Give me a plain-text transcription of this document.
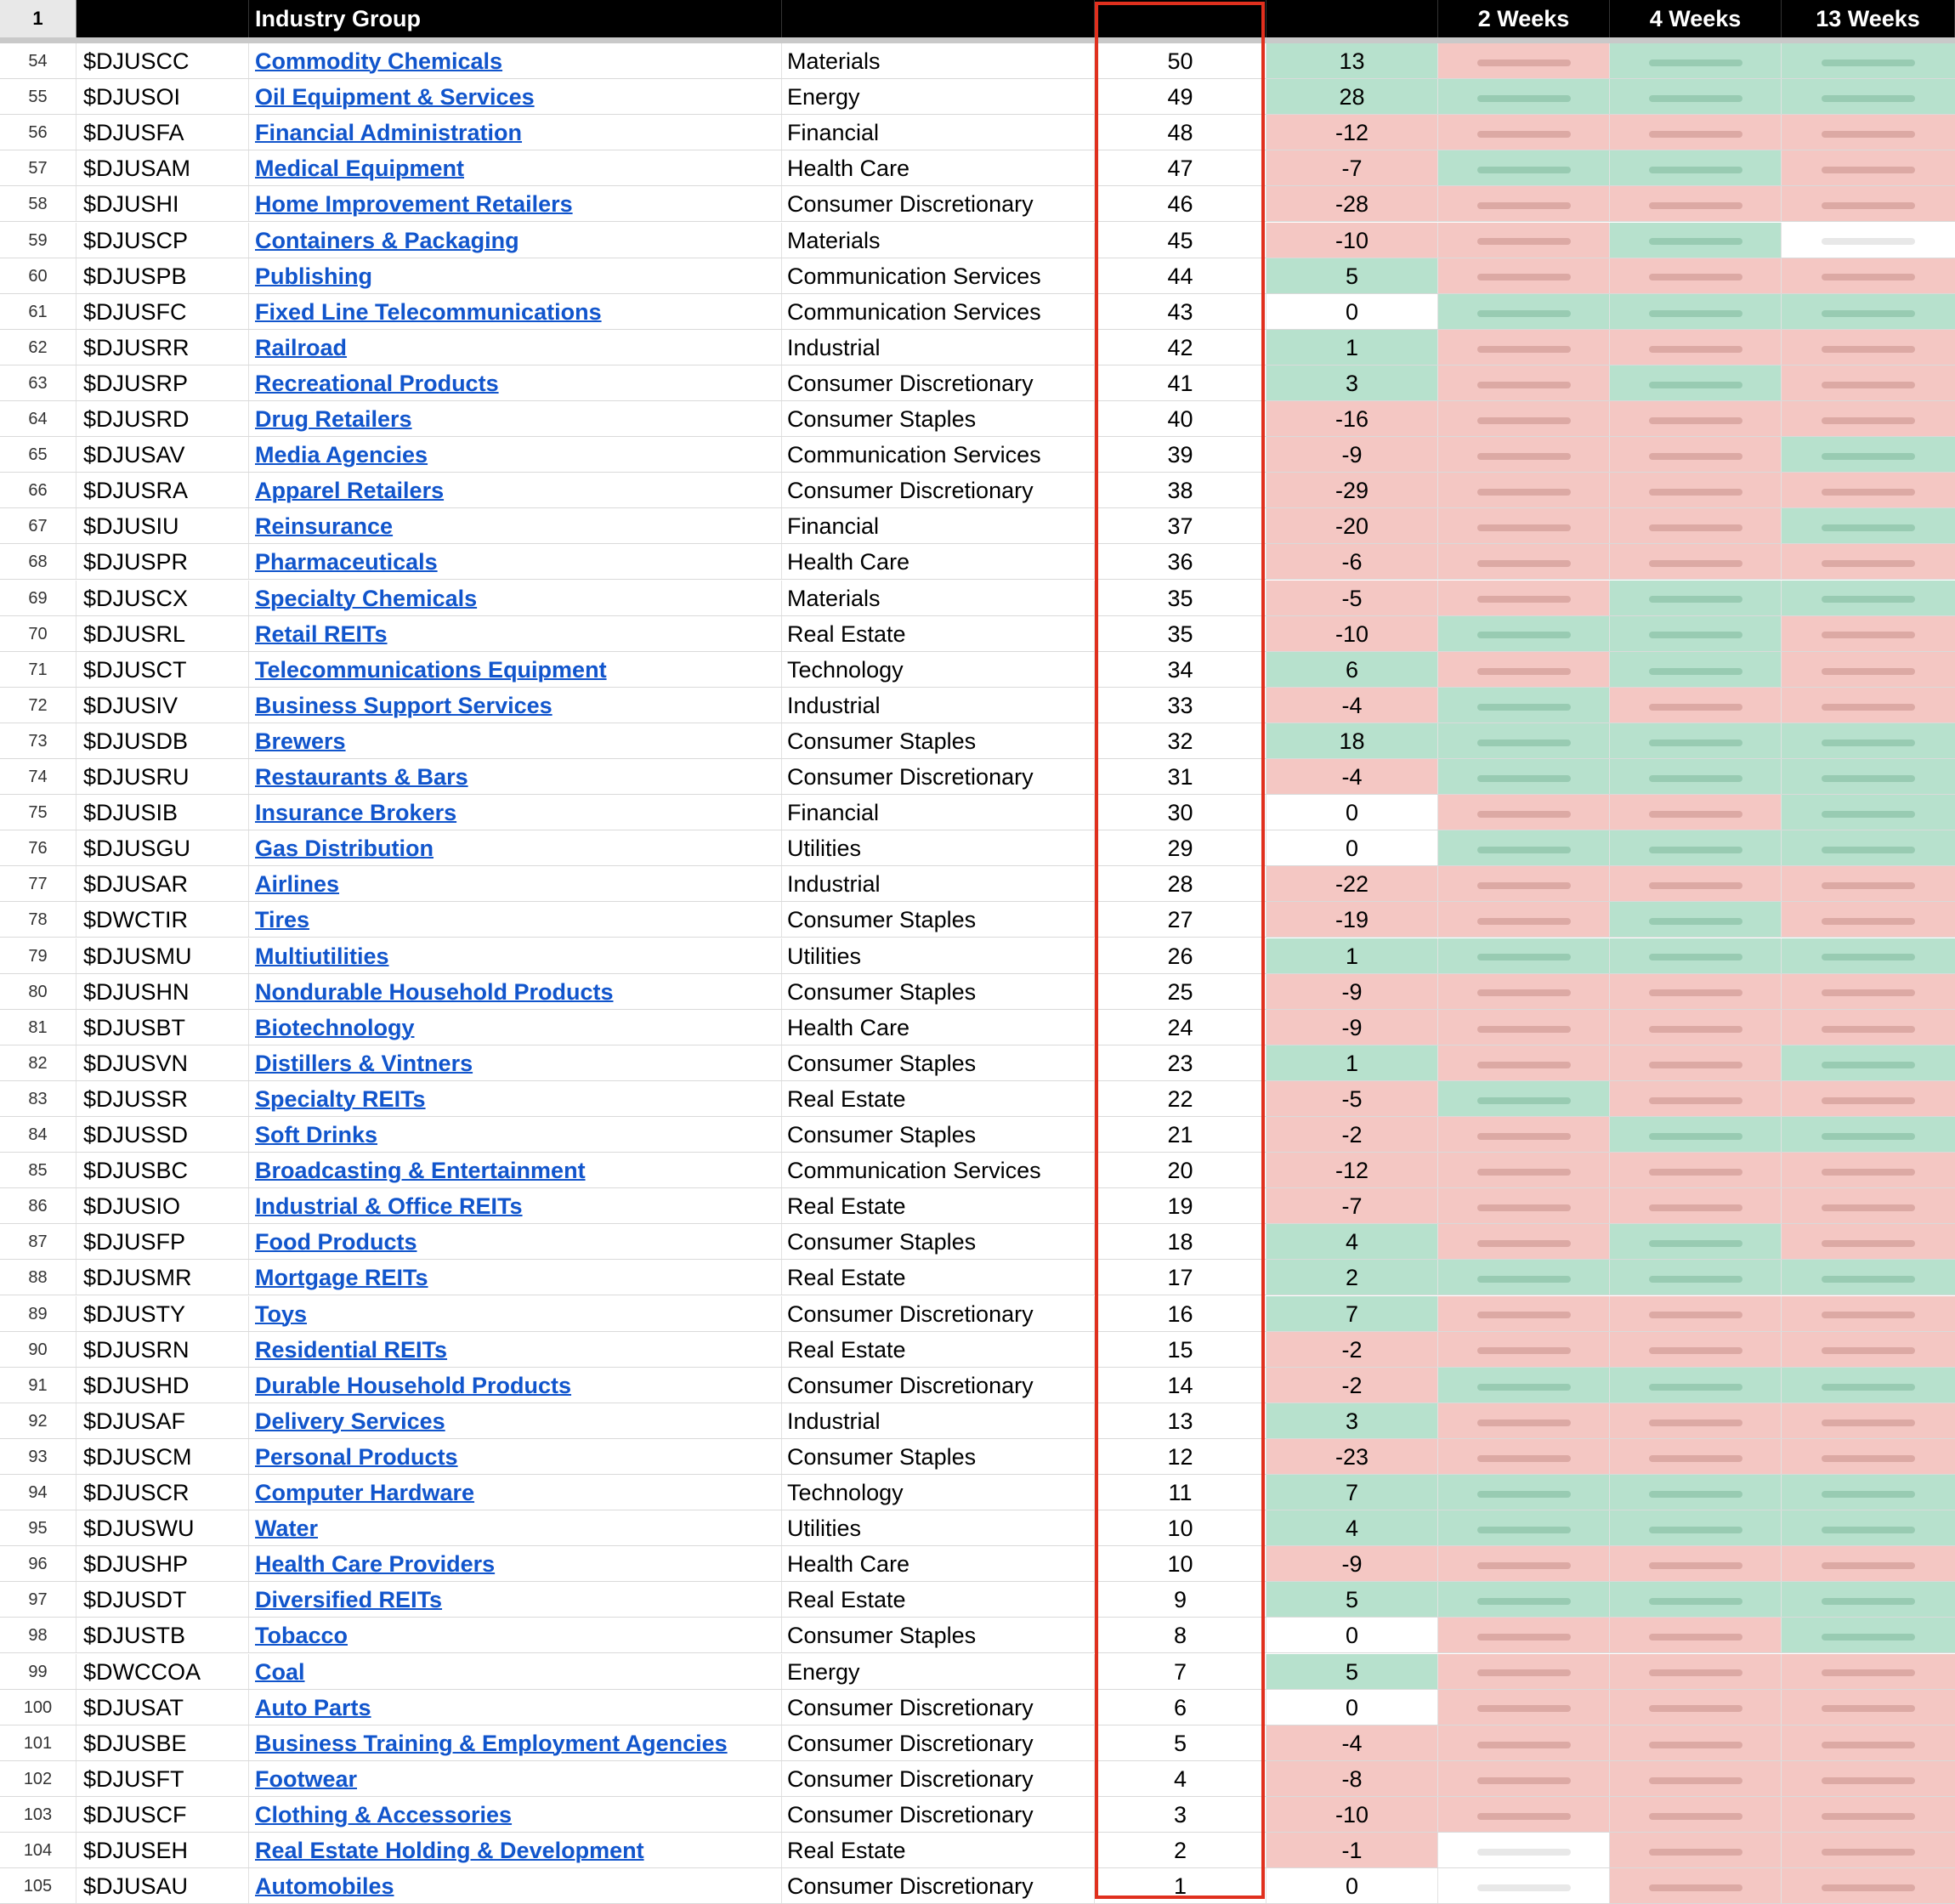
1	Ticker	Industry Group	Sector	RS Score	1 Week	2 Weeks	4 Weeks	13 Weeks
54	$DJUSCC	Commodity Chemicals	Materials	50	13
55	$DJUSOI	Oil Equipment & Services	Energy	49	28
56	$DJUSFA	Financial Administration	Financial	48	-12
57	$DJUSAM	Medical Equipment	Health Care	47	-7
58	$DJUSHI	Home Improvement Retailers	Consumer Discretionary	46	-28
59	$DJUSCP	Containers & Packaging	Materials	45	-10
60	$DJUSPB	Publishing	Communication Services	44	5
61	$DJUSFC	Fixed Line Telecommunications	Communication Services	43	0
62	$DJUSRR	Railroad	Industrial	42	1
63	$DJUSRP	Recreational Products	Consumer Discretionary	41	3
64	$DJUSRD	Drug Retailers	Consumer Staples	40	-16
65	$DJUSAV	Media Agencies	Communication Services	39	-9
66	$DJUSRA	Apparel Retailers	Consumer Discretionary	38	-29
67	$DJUSIU	Reinsurance	Financial	37	-20
68	$DJUSPR	Pharmaceuticals	Health Care	36	-6
69	$DJUSCX	Specialty Chemicals	Materials	35	-5
70	$DJUSRL	Retail REITs	Real Estate	35	-10
71	$DJUSCT	Telecommunications Equipment	Technology	34	6
72	$DJUSIV	Business Support Services	Industrial	33	-4
73	$DJUSDB	Brewers	Consumer Staples	32	18
74	$DJUSRU	Restaurants & Bars	Consumer Discretionary	31	-4
75	$DJUSIB	Insurance Brokers	Financial	30	0
76	$DJUSGU	Gas Distribution	Utilities	29	0
77	$DJUSAR	Airlines	Industrial	28	-22
78	$DWCTIR	Tires	Consumer Staples	27	-19
79	$DJUSMU	Multiutilities	Utilities	26	1
80	$DJUSHN	Nondurable Household Products	Consumer Staples	25	-9
81	$DJUSBT	Biotechnology	Health Care	24	-9
82	$DJUSVN	Distillers & Vintners	Consumer Staples	23	1
83	$DJUSSR	Specialty REITs	Real Estate	22	-5
84	$DJUSSD	Soft Drinks	Consumer Staples	21	-2
85	$DJUSBC	Broadcasting & Entertainment	Communication Services	20	-12
86	$DJUSIO	Industrial & Office REITs	Real Estate	19	-7
87	$DJUSFP	Food Products	Consumer Staples	18	4
88	$DJUSMR	Mortgage REITs	Real Estate	17	2
89	$DJUSTY	Toys	Consumer Discretionary	16	7
90	$DJUSRN	Residential REITs	Real Estate	15	-2
91	$DJUSHD	Durable Household Products	Consumer Discretionary	14	-2
92	$DJUSAF	Delivery Services	Industrial	13	3
93	$DJUSCM	Personal Products	Consumer Staples	12	-23
94	$DJUSCR	Computer Hardware	Technology	11	7
95	$DJUSWU	Water	Utilities	10	4
96	$DJUSHP	Health Care Providers	Health Care	10	-9
97	$DJUSDT	Diversified REITs	Real Estate	9	5
98	$DJUSTB	Tobacco	Consumer Staples	8	0
99	$DWCCOA	Coal	Energy	7	5
100	$DJUSAT	Auto Parts	Consumer Discretionary	6	0
101	$DJUSBE	Business Training & Employment Agencies	Consumer Discretionary	5	-4
102	$DJUSFT	Footwear	Consumer Discretionary	4	-8
103	$DJUSCF	Clothing & Accessories	Consumer Discretionary	3	-10
104	$DJUSEH	Real Estate Holding & Development	Real Estate	2	-1
105	$DJUSAU	Automobiles	Consumer Discretionary	1	0
